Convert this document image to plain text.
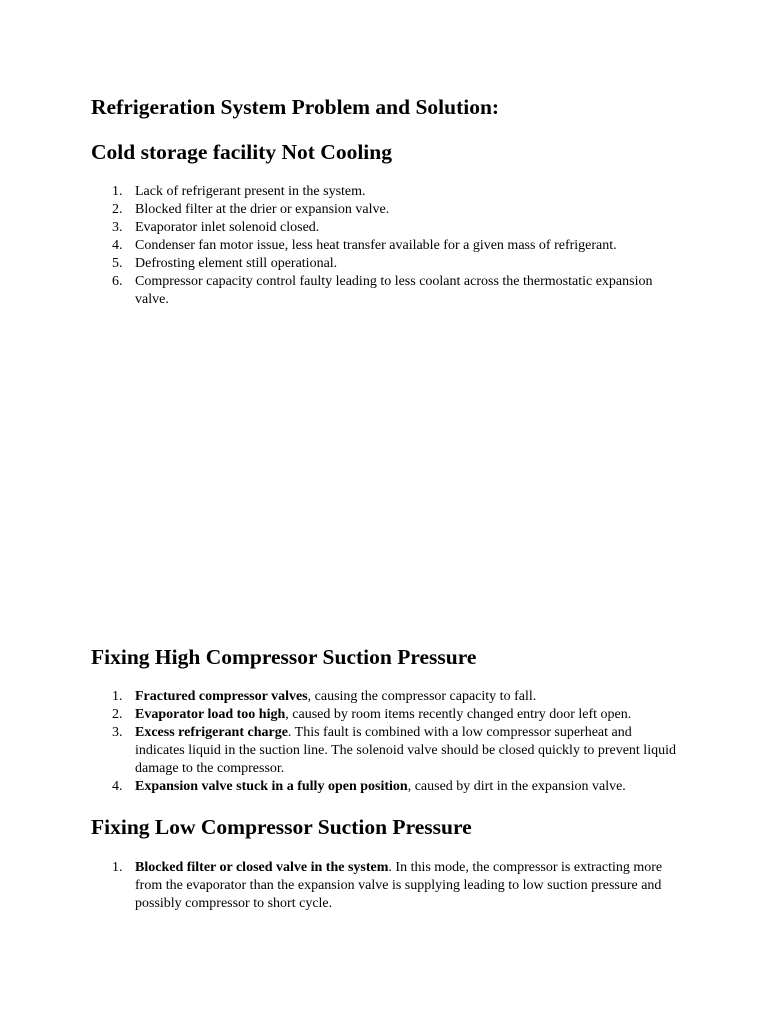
Refrigeration System Problem and Solution:
Cold storage facility Not Cooling
1. Lack of refrigerant present in the system.
2. Blocked filter at the drier or expansion valve.
3. Evaporator inlet solenoid closed.
4. Condenser fan motor issue, less heat transfer available for a given mass of refrigerant.
5. Defrosting element still operational.
6. Compressor capacity control faulty leading to less coolant across the thermostatic expansion valve.
Fixing High Compressor Suction Pressure
1. Fractured compressor valves, causing the compressor capacity to fall.
2. Evaporator load too high, caused by room items recently changed entry door left open.
3. Excess refrigerant charge. This fault is combined with a low compressor superheat and indicates liquid in the suction line. The solenoid valve should be closed quickly to prevent liquid damage to the compressor.
4. Expansion valve stuck in a fully open position, caused by dirt in the expansion valve.
Fixing Low Compressor Suction Pressure
1. Blocked filter or closed valve in the system. In this mode, the compressor is extracting more from the evaporator than the expansion valve is supplying leading to low suction pressure and possibly compressor to short cycle.
